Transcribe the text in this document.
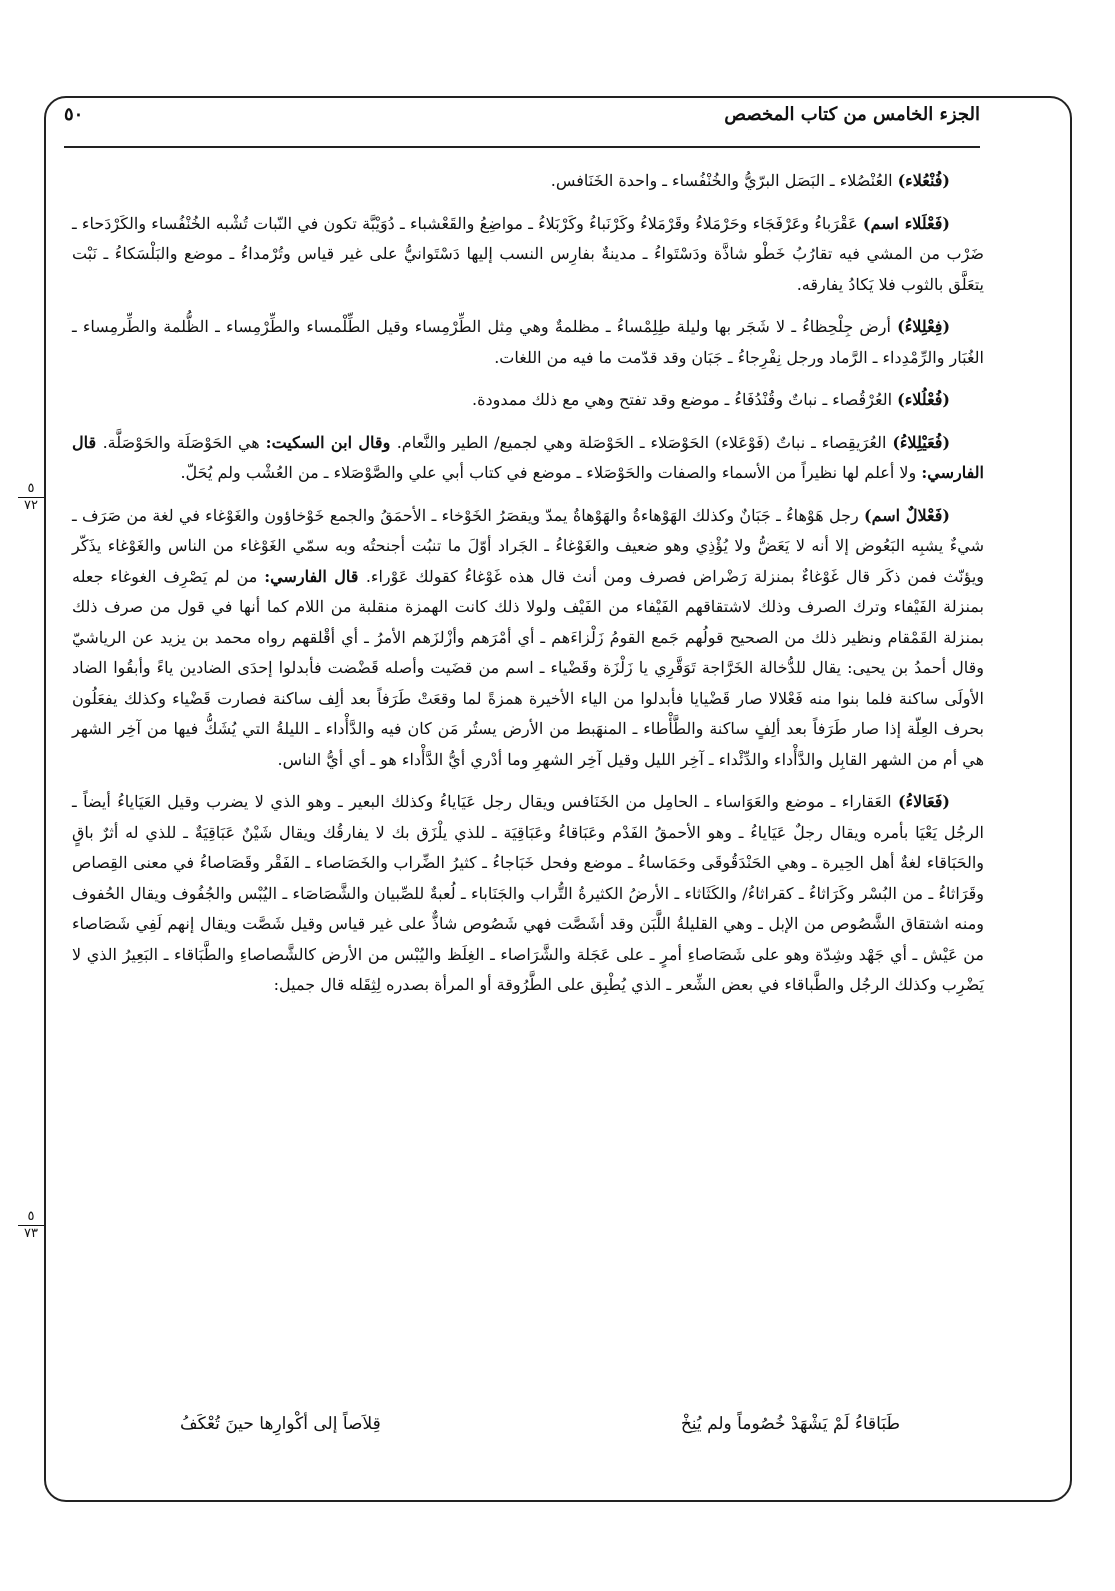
الجزء الخامس من كتاب المخصص
٥٠
٥
٧٢
٥
٧٣

(فُنْعُلاء) العُنْصُلاء ـ البَصَل البرّيُّ والخُنْفُساء ـ واحدة الخَنَافس.

(فَعْلَلاء اسم) عَقْرَباءُ وعَرْفَجَاء وحَرْمَلاءُ وقَرْمَلاءُ وكَرْنَباءُ وكَرْبَلاءُ ـ مواضِعُ والقَعْشباء ـ دُوَيْبَّة تكون في النّبات تُشْبه الخُنْفُساء والكَرْدَحاء ـ ضَرْب من المشي فيه تقارُبُ خَطْو شاذَّة ودَسْتَواءُ ـ مدينةٌ بفارِس النسب إليها دَسْتَوانيُّ على غير قياس وتُرْمداءُ ـ موضع والبَلْسَكاءُ ـ نَبْت يتعَلَّق بالثوب فلا يَكادُ يفارقه.

(فِعْلِلاءُ) أرض جِلْحِظاءُ ـ لا شَجَر بها وليلة طِلِمْساءُ ـ مظلمةٌ وهي مِثل الطِّرْمِساء وقيل الطِّلْمساء والطِّرْمِساء ـ الظُّلمة والطِّرمِساء ـ الغُبَار والرِّمْدِداء ـ الرَّماد ورجل نِفْرِجاءُ ـ جَبَان وقد قدّمت ما فيه من اللغات.

(فُعْلُلاء) العُرْقُصاء ـ نباتٌ وقُنْدُفَاءُ ـ موضع وقد تفتح وهي مع ذلك ممدودة.

(فُعَيْلِلاءُ) العُرَيقِصاء ـ نباتٌ (فَوْعَلاء) الحَوْصَلاء ـ الحَوْصَلة وهي لجميع/ الطير والنَّعام. وقال ابن السكيت: هي الحَوْصَلَة والحَوْصَلَّة. قال الفارسي: ولا أعلم لها نظيراً من الأسماء والصفات والحَوْصَلاء ـ موضع في كتاب أبي علي والصَّوْصَلاء ـ من العُشْب ولم يُحَلّ.

(فَعْلالٌ اسم) رجل هَوْهاءُ ـ جَبَانٌ وكذلك الهَوْهاءةُ والهَوْهاةُ يمدّ ويقصَرُ الخَوْخاء ـ الأحمَقُ والجمع خَوْخاؤون والغَوْغاء في لغة من صَرَف ـ شيءٌ يشبِه البَعُوض إلا أنه لا يَعَضُّ ولا يُؤْذِي وهو ضعيف والغَوْغاءُ ـ الجَراد أوّلَ ما تنبُت أجنحتُه وبه سمّي الغَوْغاء من الناس والغَوْغاء يذَكّر ويؤنّث فمن ذكَر قال غَوْغاءٌ بمنزلة رَضْراض فصرف ومن أنث قال هذه غَوْغاءُ كقولك عَوْراء. قال الفارسي: من لم يَصْرِف الغوغاء جعله بمنزلة الفَيْفاء وترك الصرف وذلك لاشتقاقهم الفَيْفاء من الفَيْف ولولا ذلك كانت الهمزة منقلبة من اللام كما أنها في قول من صرف ذلك بمنزلة القَمْقام ونظير ذلك من الصحيح قولُهم جَمع القومُ زَلْزاءَهم ـ أي أمْرَهم وأزْلزَهم الأمرُ ـ أي أقْلقهم رواه محمد بن يزيد عن الرياشيّ وقال أحمدُ بن يحيى: يقال للدُّخالة الخَرَّاجة تَوَقَّرِي يا زَلْزَة وقَضْياء ـ اسم من قضَيت وأصله قَضْضت فأبدلوا إحدَى الضادين ياءً وأبقُوا الضاد الأولَى ساكنة فلما بنوا منه فَعْلالا صار قَضْيايا فأبدلوا من الياء الأخيرة همزةً لما وقعَتْ طَرَفاً بعد ألِف ساكنة فصارت قَضْياء وكذلك يفعَلُون بحرف العِلّة إذا صار طَرَفاً بعد ألِفٍ ساكنة والطَّأْطاء ـ المنهَبط من الأرض يستُر مَن كان فيه والدَّأْداء ـ الليلةُ التي يُشَكُّ فيها من آخِر الشهر هي أم من الشهر القابِل والدَّأْداء والدِّئْداء ـ آخِر الليل وقيل آخِر الشهرِ وما أدْري أيُّ الدَّأْداء هو ـ أي أيُّ الناس.

(فَعَالاءُ) العَقاراء ـ موضع والعَوَاساء ـ الحامِل من الخَنَافس ويقال رجل عَيَاياءُ وكذلك البعير ـ وهو الذي لا يضرب وقيل العَيَاياءُ أيضاً ـ الرجُل يَعْيَا بأمره ويقال رجلٌ عَيَاياءُ ـ وهو الأحمقُ الفَدْم وعَبَاقاءُ وعَبَاقِيَة ـ للذي يلْزَق بك لا يفارقُك ويقال شَيْنٌ عَبَاقِيَةٌ ـ للذي له أثرٌ باقٍ والحَبَاقاء لغةٌ أهل الحِيرة ـ وهي الحَنْدَقُوقَى وحَمَاساءُ ـ موضع وفحل خَبَاجاءُ ـ كثيرُ الضِّراب والخَصَاصاء ـ الفَقْر وقَصَاصاءُ في معنى القِصاص وقَرَاثاءُ ـ من البُسْر وكَرَاثاءُ ـ كقراثاءُ/ والكَثَاثاء ـ الأرضُ الكثيرةُ التُّراب والجَنَاباء ـ لُعبةٌ للصِّبيان والشَّصَاصَاء ـ اليُبْس والجُفُوف ويقال الحُفوف ومنه اشتقاق الشَّصُوص من الإبل ـ وهي القليلةُ اللَّبَن وقد أشَصَّت فهي شَصُوص شاذٌّ على غير قياس وقيل شَصَّت ويقال إنهم لَفِي شَصَاصاء من عَيْش ـ أي جَهْد وشِدّة وهو على شَصَاصاءِ أمرٍ ـ على عَجَلة والشَّرَاصاء ـ الغِلَظ واليُبْس من الأرض كالشَّصاصاءِ والطَّبَاقاء ـ البَعِيرُ الذي لا يَضْرِب وكذلك الرجُل والطَّباقاء في بعض الشِّعر ـ الذي يُطْبِق على الطَّرُوقة أو المرأة بصدره لِثِقَله قال جميل:

طَبَاقاءُ لَمْ يَشْهَدْ خُصُوماً ولم يُنِخْ
قِلاَصاً إلى أكْوارِها حينَ تُعْكَفُ
